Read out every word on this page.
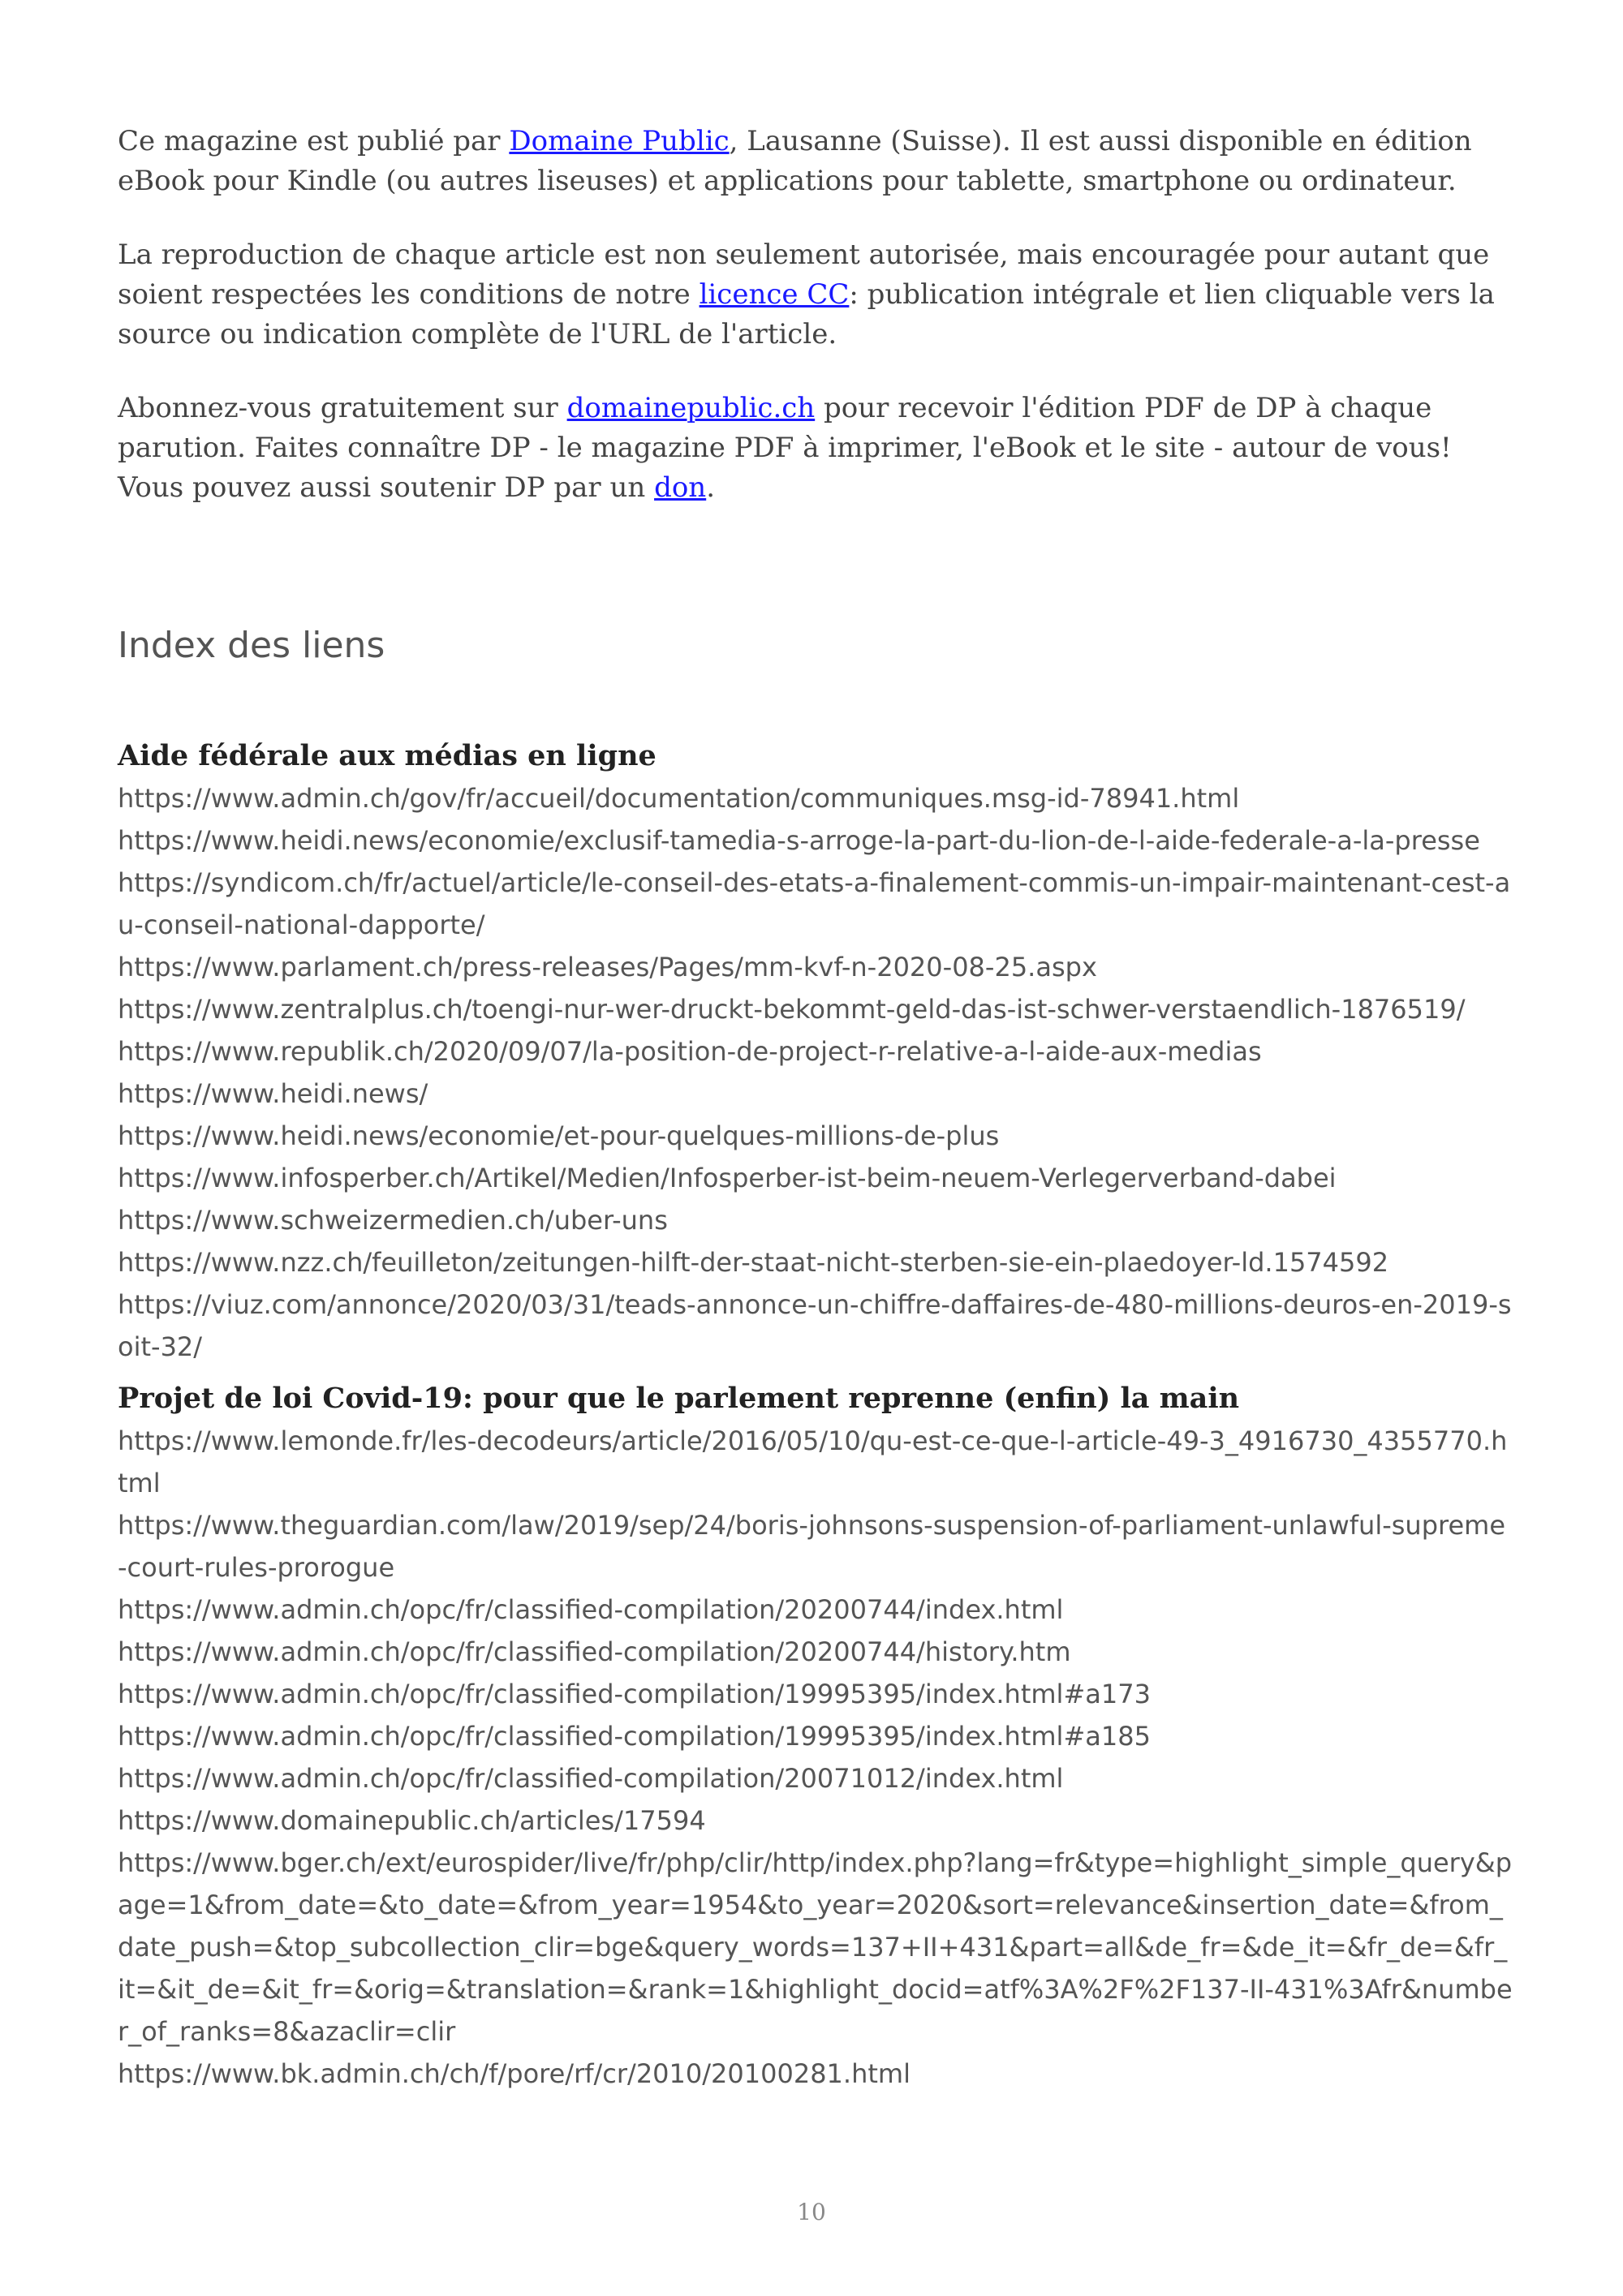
Ce magazine est publié par Domaine Public, Lausanne (Suisse). Il est aussi disponible en édition eBook pour Kindle (ou autres liseuses) et applications pour tablette, smartphone ou ordinateur.

La reproduction de chaque article est non seulement autorisée, mais encouragée pour autant que soient respectées les conditions de notre licence CC: publication intégrale et lien cliquable vers la source ou indication complète de l'URL de l'article.

Abonnez-vous gratuitement sur domainepublic.ch pour recevoir l'édition PDF de DP à chaque parution. Faites connaître DP - le magazine PDF à imprimer, l'eBook et le site - autour de vous! Vous pouvez aussi soutenir DP par un don.

Index des liens
Aide fédérale aux médias en ligne
https://www.admin.ch/gov/fr/accueil/documentation/communiques.msg-id-78941.html
https://www.heidi.news/economie/exclusif-tamedia-s-arroge-la-part-du-lion-de-l-aide-federale-a-la-presse
https://syndicom.ch/fr/actuel/article/le-conseil-des-etats-a-finalement-commis-un-impair-maintenant-cest-au-conseil-national-dapporte/
https://www.parlament.ch/press-releases/Pages/mm-kvf-n-2020-08-25.aspx
https://www.zentralplus.ch/toengi-nur-wer-druckt-bekommt-geld-das-ist-schwer-verstaendlich-1876519/
https://www.republik.ch/2020/09/07/la-position-de-project-r-relative-a-l-aide-aux-medias
https://www.heidi.news/
https://www.heidi.news/economie/et-pour-quelques-millions-de-plus
https://www.infosperber.ch/Artikel/Medien/Infosperber-ist-beim-neuem-Verlegerverband-dabei
https://www.schweizermedien.ch/uber-uns
https://www.nzz.ch/feuilleton/zeitungen-hilft-der-staat-nicht-sterben-sie-ein-plaedoyer-ld.1574592
https://viuz.com/annonce/2020/03/31/teads-annonce-un-chiffre-daffaires-de-480-millions-deuros-en-2019-soit-32/
Projet de loi Covid-19: pour que le parlement reprenne (enfin) la main
https://www.lemonde.fr/les-decodeurs/article/2016/05/10/qu-est-ce-que-l-article-49-3_4916730_4355770.html
https://www.theguardian.com/law/2019/sep/24/boris-johnsons-suspension-of-parliament-unlawful-supreme-court-rules-prorogue
https://www.admin.ch/opc/fr/classified-compilation/20200744/index.html
https://www.admin.ch/opc/fr/classified-compilation/20200744/history.htm
https://www.admin.ch/opc/fr/classified-compilation/19995395/index.html#a173
https://www.admin.ch/opc/fr/classified-compilation/19995395/index.html#a185
https://www.admin.ch/opc/fr/classified-compilation/20071012/index.html
https://www.domainepublic.ch/articles/17594
https://www.bger.ch/ext/eurospider/live/fr/php/clir/http/index.php?lang=fr&type=highlight_simple_query&page=1&from_date=&to_date=&from_year=1954&to_year=2020&sort=relevance&insertion_date=&from_date_push=&top_subcollection_clir=bge&query_words=137+II+431&part=all&de_fr=&de_it=&fr_de=&fr_it=&it_de=&it_fr=&orig=&translation=&rank=1&highlight_docid=atf%3A%2F%2F137-II-431%3Afr&number_of_ranks=8&azaclir=clir
https://www.bk.admin.ch/ch/f/pore/rf/cr/2010/20100281.html
10
